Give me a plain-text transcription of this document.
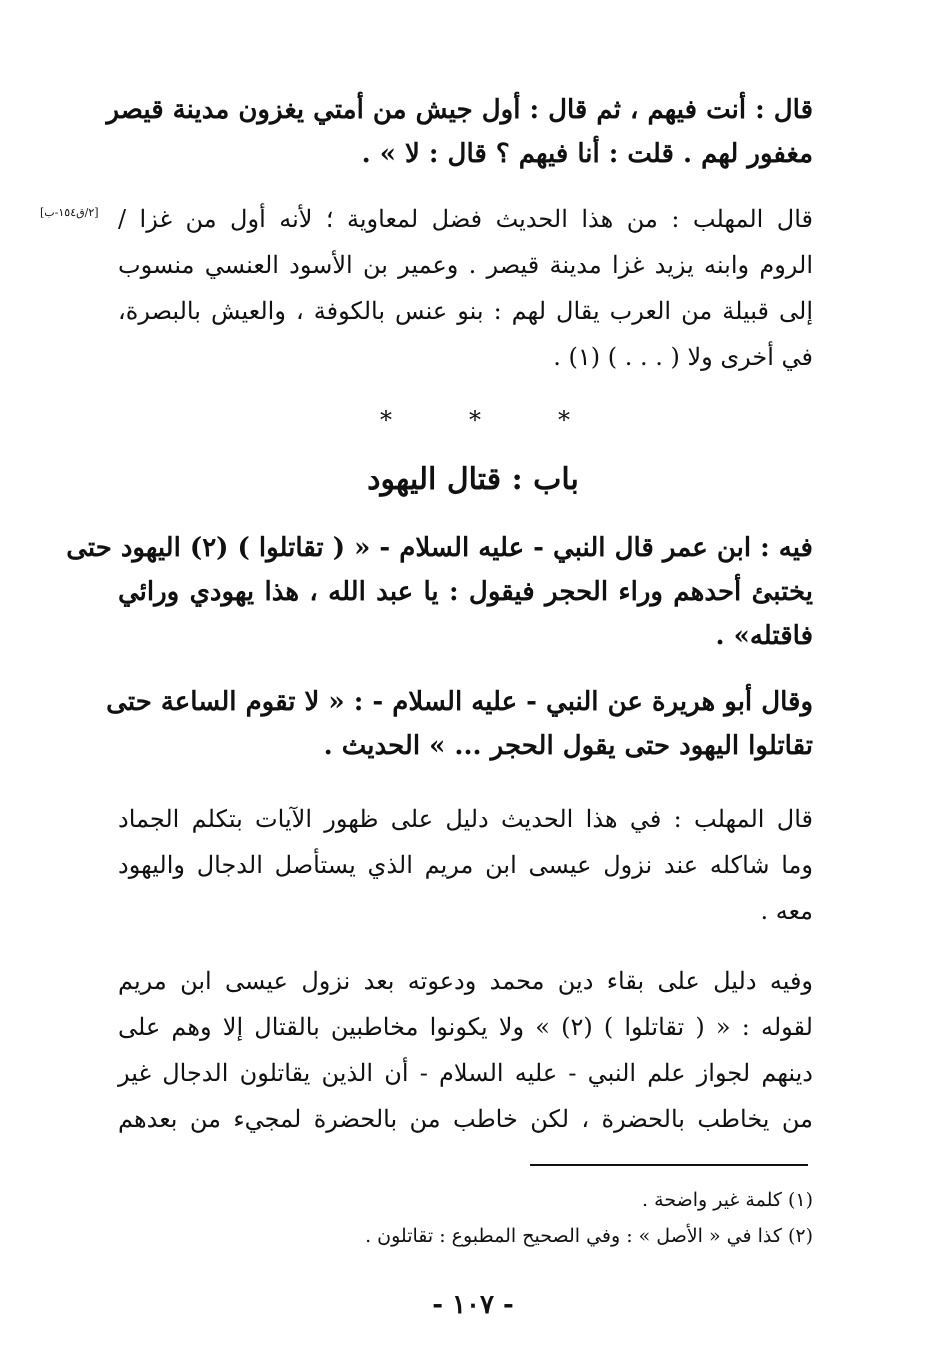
قال : أنت فيهم ، ثم قال : أول جيش من أمتي يغزون مدينة قيصر
مغفور لهم . قلت : أنا فيهم ؟ قال : لا » .
[٢/ق١٥٤-ب] قال المهلب : من هذا الحديث فضل لمعاوية ؛ لأنه أول من غزا /
الروم وابنه يزيد غزا مدينة قيصر . وعمير بن الأسود العنسي منسوب
إلى قبيلة من العرب يقال لهم : بنو عنس بالكوفة ، والعيش بالبصرة،
في أخرى ولا ( . . . ) (١) .
*	*	*
باب : قتال اليهود
فيه : ابن عمر قال النبي - عليه السلام - « ( تقاتلوا ) (٢) اليهود حتى
يختبئ أحدهم وراء الحجر فيقول : يا عبد الله ، هذا يهودي ورائي
فاقتله» .
وقال أبو هريرة عن النبي - عليه السلام - : « لا تقوم الساعة حتى
تقاتلوا اليهود حتى يقول الحجر ... » الحديث .
قال المهلب : في هذا الحديث دليل على ظهور الآيات بتكلم الجماد
وما شاكله عند نزول عيسى ابن مريم الذي يستأصل الدجال واليهود
معه .
وفيه دليل على بقاء دين محمد ودعوته بعد نزول عيسى ابن مريم
لقوله : « ( تقاتلوا ) (٢) » ولا يكونوا مخاطبين بالقتال إلا وهم على
دينهم لجواز علم النبي - عليه السلام - أن الذين يقاتلون الدجال غير
من يخاطب بالحضرة ، لكن خاطب من بالحضرة لمجيء من بعدهم
(١) كلمة غير واضحة .
(٢) كذا في « الأصل » : وفي الصحيح المطبوع : تقاتلون .
- ١٠٧ -
